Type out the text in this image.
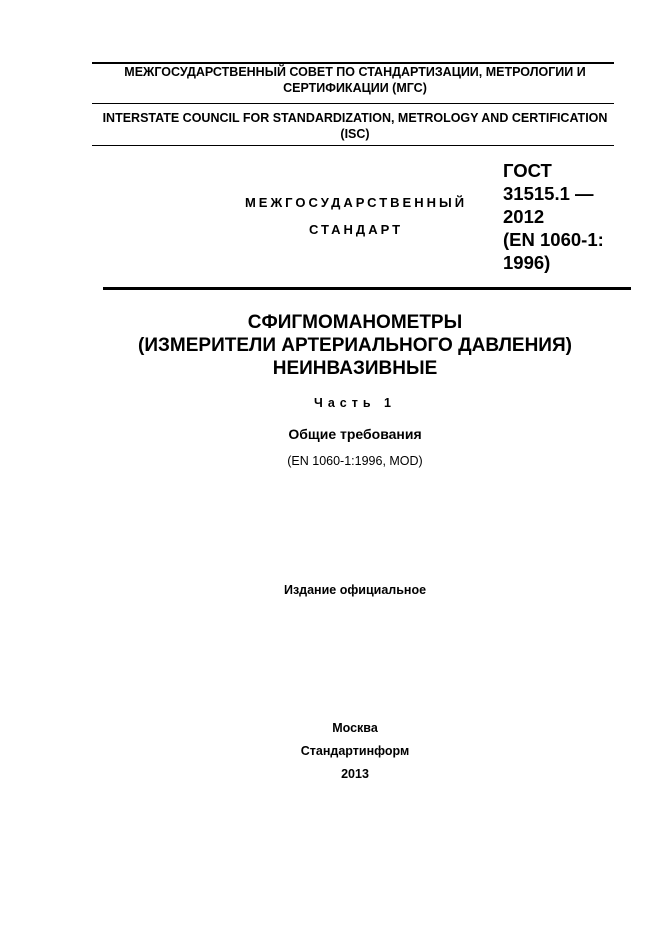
МЕЖГОСУДАРСТВЕННЫЙ СОВЕТ ПО СТАНДАРТИЗАЦИИ, МЕТРОЛОГИИ И СЕРТИФИКАЦИИ (МГС)
INTERSTATE COUNCIL FOR STANDARDIZATION, METROLOGY AND CERTIFICATION (ISC)
МЕЖГОСУДАРСТВЕННЫЙ
СТАНДАРТ
ГОСТ
31515.1 —
2012
(EN 1060-1:
1996)
СФИГМОМАНОМЕТРЫ
(ИЗМЕРИТЕЛИ АРТЕРИАЛЬНОГО ДАВЛЕНИЯ)
НЕИНВАЗИВНЫЕ
Часть 1
Общие требования
(EN 1060-1:1996, MOD)
Издание официальное
Москва
Стандартинформ
2013
